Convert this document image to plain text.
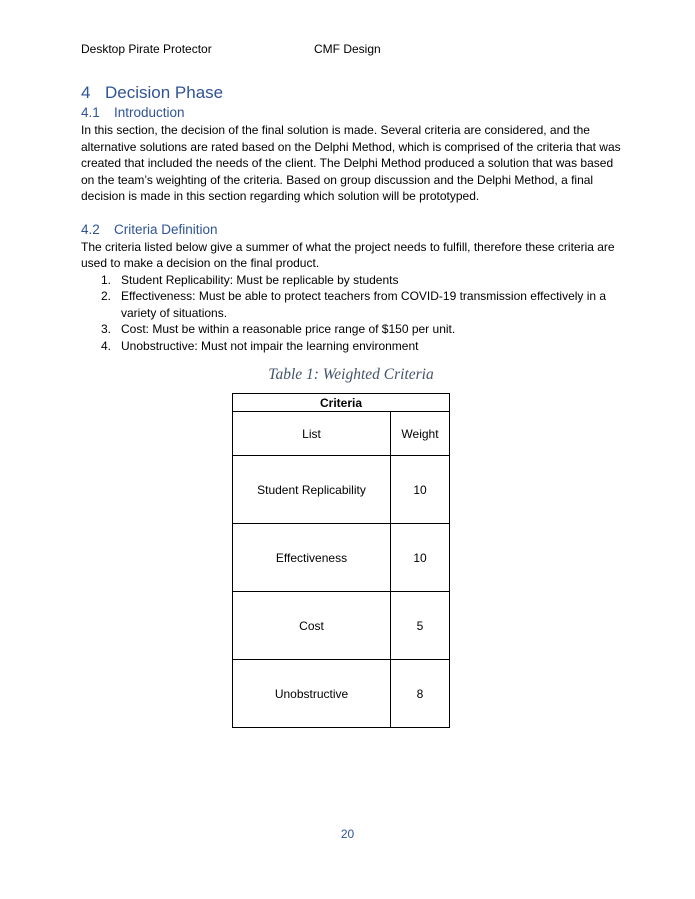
Desktop Pirate Protector	CMF Design
4 Decision Phase
4.1 Introduction

In this section, the decision of the final solution is made. Several criteria are considered, and the alternative solutions are rated based on the Delphi Method, which is comprised of the criteria that was created that included the needs of the client. The Delphi Method produced a solution that was based on the team’s weighting of the criteria. Based on group discussion and the Delphi Method, a final decision is made in this section regarding which solution will be prototyped.

4.2 Criteria Definition

The criteria listed below give a summer of what the project needs to fulfill, therefore these criteria are used to make a decision on the final product.

1. Student Replicability: Must be replicable by students
2. Effectiveness: Must be able to protect teachers from COVID-19 transmission effectively in a variety of situations.
3. Cost: Must be within a reasonable price range of $150 per unit.
4. Unobstructive: Must not impair the learning environment
Table 1: Weighted Criteria
Criteria	
List	Weight
Student Replicability	10
Effectiveness	10
Cost	5
Unobstructive	8
20
